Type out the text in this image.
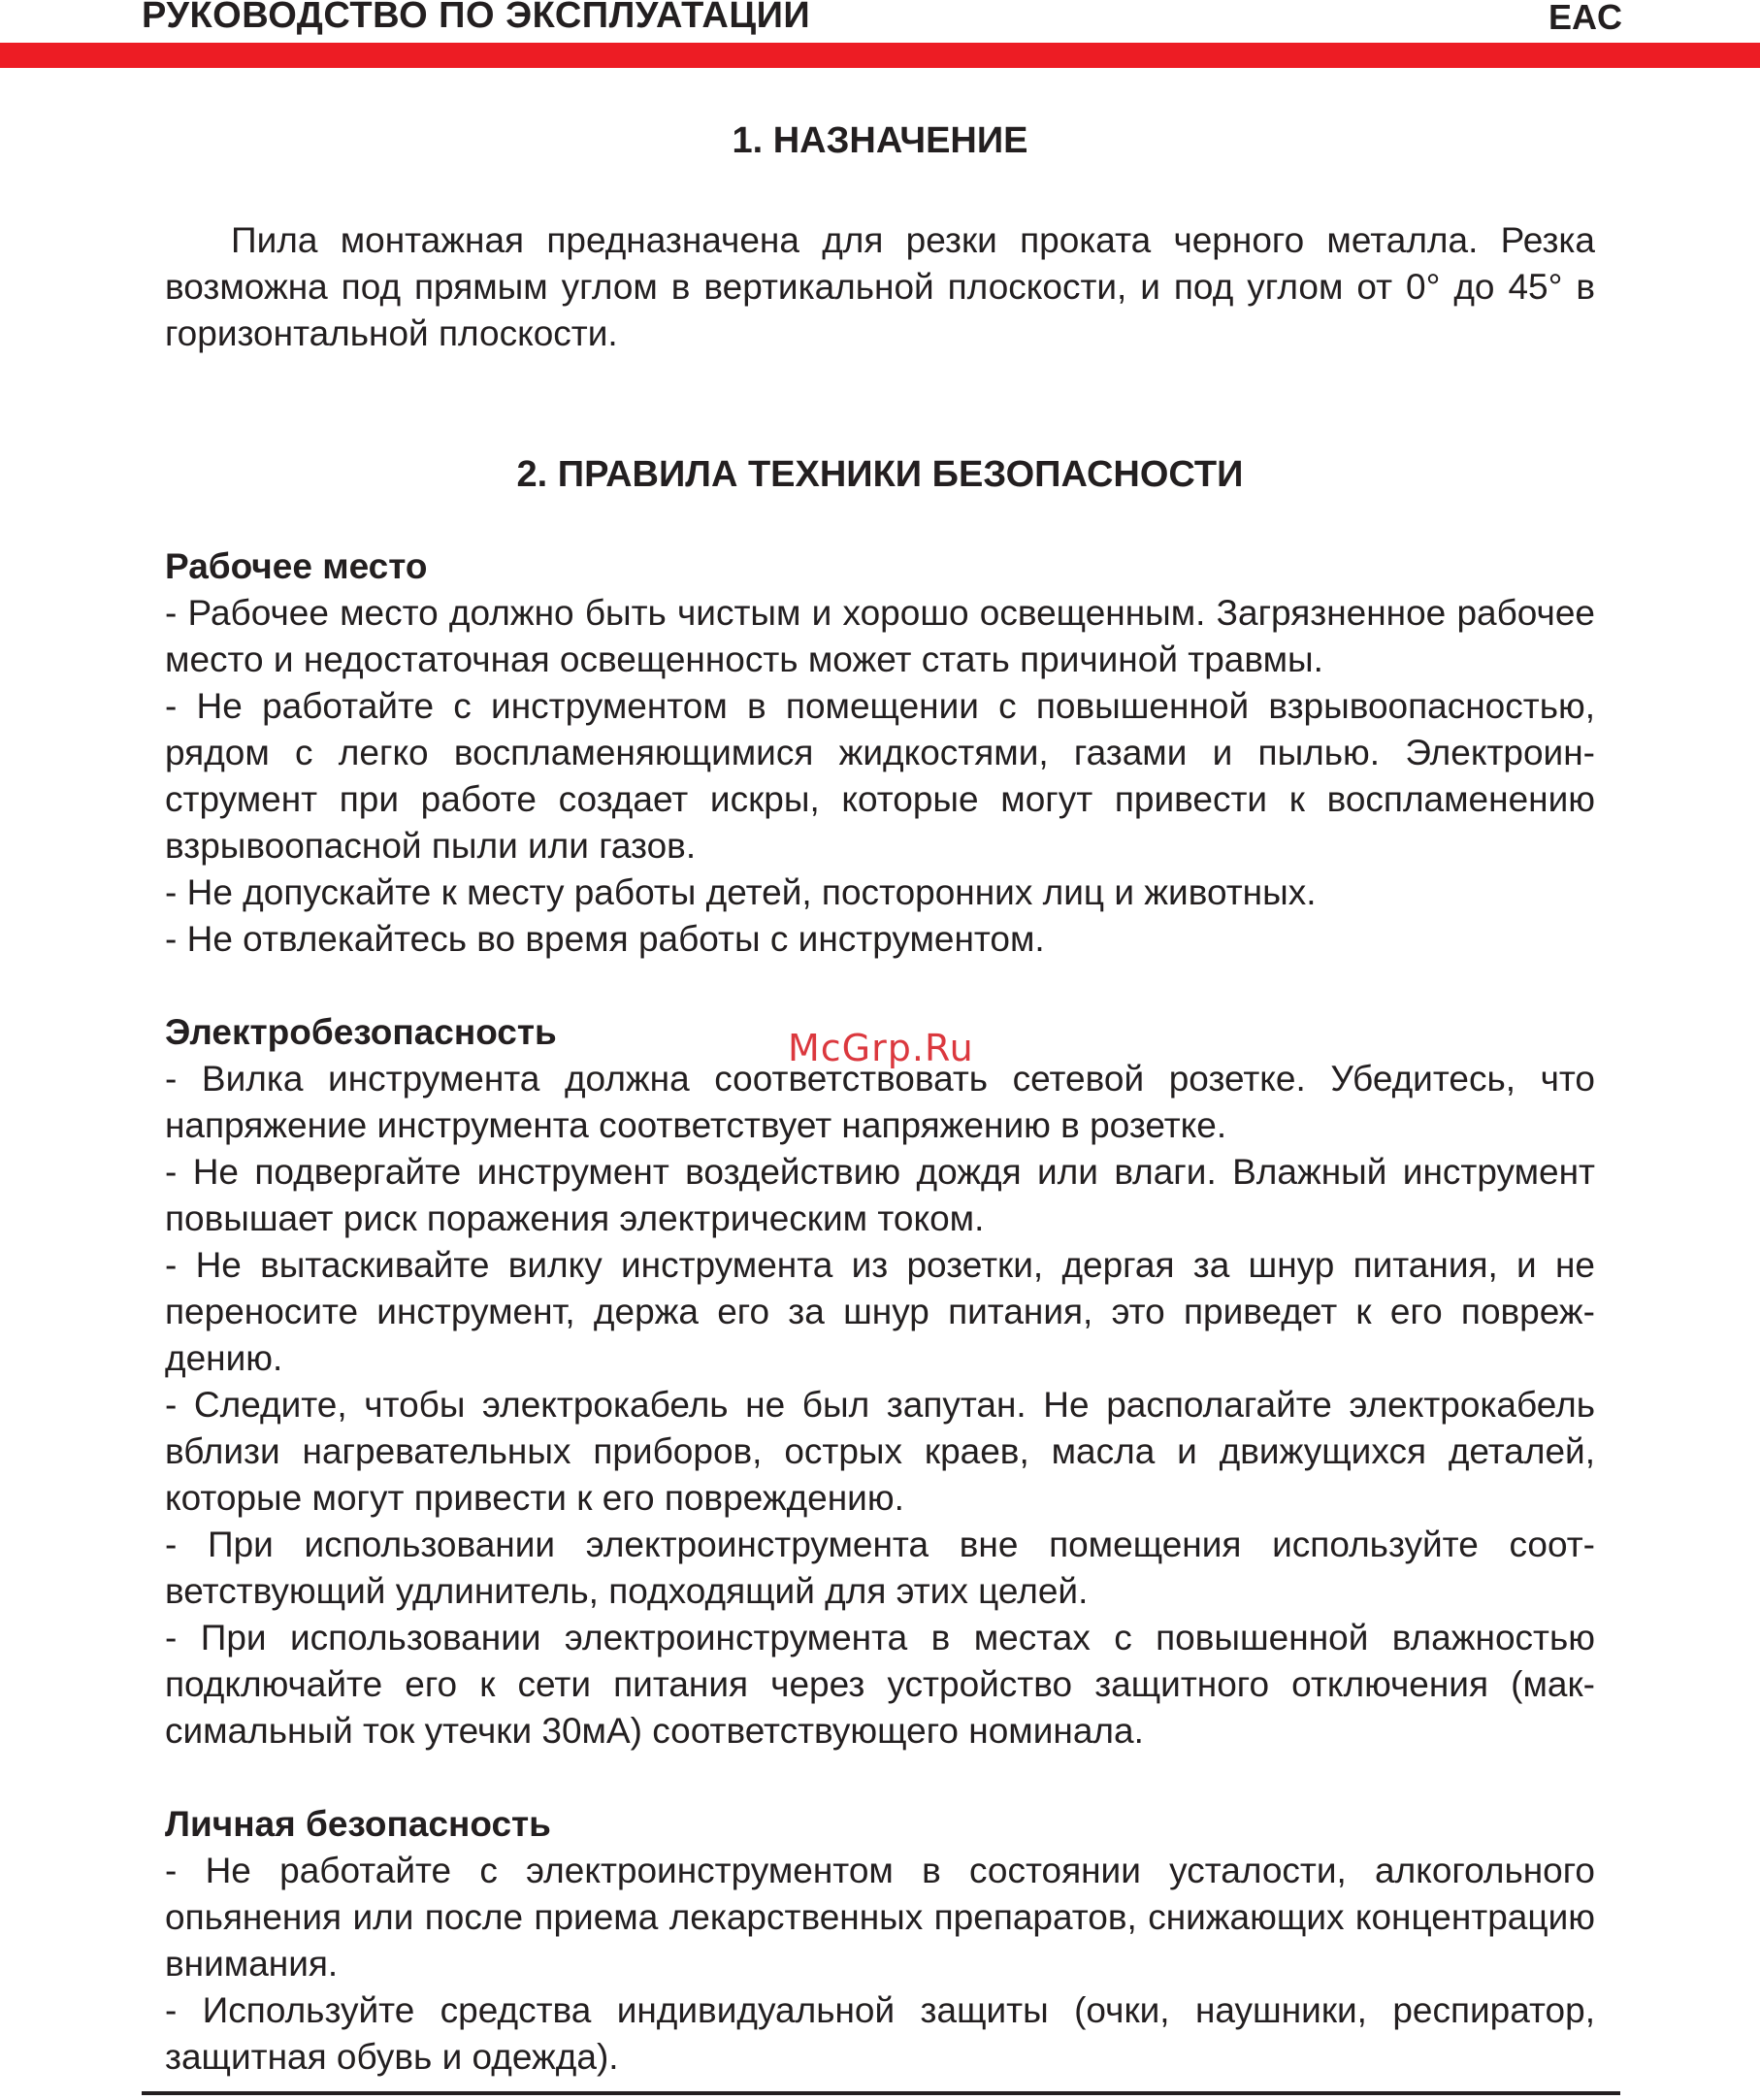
РУКОВОДСТВО ПО ЭКСПЛУАТАЦИИ	EAC
1. НАЗНАЧЕНИЕ

Пила монтажная предназначена для резки проката черного металла. Резка возможна под прямым углом в вертикальной плоскости, и под углом от 0° до 45° в горизонтальной плоскости.

2. ПРАВИЛА ТЕХНИКИ БЕЗОПАСНОСТИ
Рабочее место

- Рабочее место должно быть чистым и хорошо освещенным. Загрязненное рабочее место и недостаточная освещенность может стать причиной травмы.

- Не работайте с инструментом в помещении с повышенной взрывоопасностью, рядом с легко воспламеняющимися жидкостями, газами и пылью. Электроинструмент при работе создает искры, которые могут привести к воспламенению взрывоопасной пыли или газов.

- Не допускайте к месту работы детей, посторонних лиц и животных.

- Не отвлекайтесь во время работы с инструментом.

Электробезопасность

- Вилка инструмента должна соответствовать сетевой розетке. Убедитесь, что напряжение инструмента соответствует напряжению в розетке.

- Не подвергайте инструмент воздействию дождя или влаги. Влажный инструмент повышает риск поражения электрическим током.

- Не вытаскивайте вилку инструмента из розетки, дергая за шнур питания, и не переносите инструмент, держа его за шнур питания, это приведет к его повреждению.

- Следите, чтобы электрокабель не был запутан. Не располагайте электрокабель вблизи нагревательных приборов, острых краев, масла и движущихся деталей, которые могут привести к его повреждению.

- При использовании электроинструмента вне помещения используйте соответствующий удлинитель, подходящий для этих целей.

- При использовании электроинструмента в местах с повышенной влажностью подключайте его к сети питания через устройство защитного отключения (максимальный ток утечки 30мА) соответствующего номинала.

Личная безопасность

- Не работайте с электроинструментом в состоянии усталости, алкогольного опьянения или после приема лекарственных препаратов, снижающих концентрацию внимания.

- Используйте средства индивидуальной защиты (очки, наушники, респиратор, защитная обувь и одежда).

McGrp.Ru
